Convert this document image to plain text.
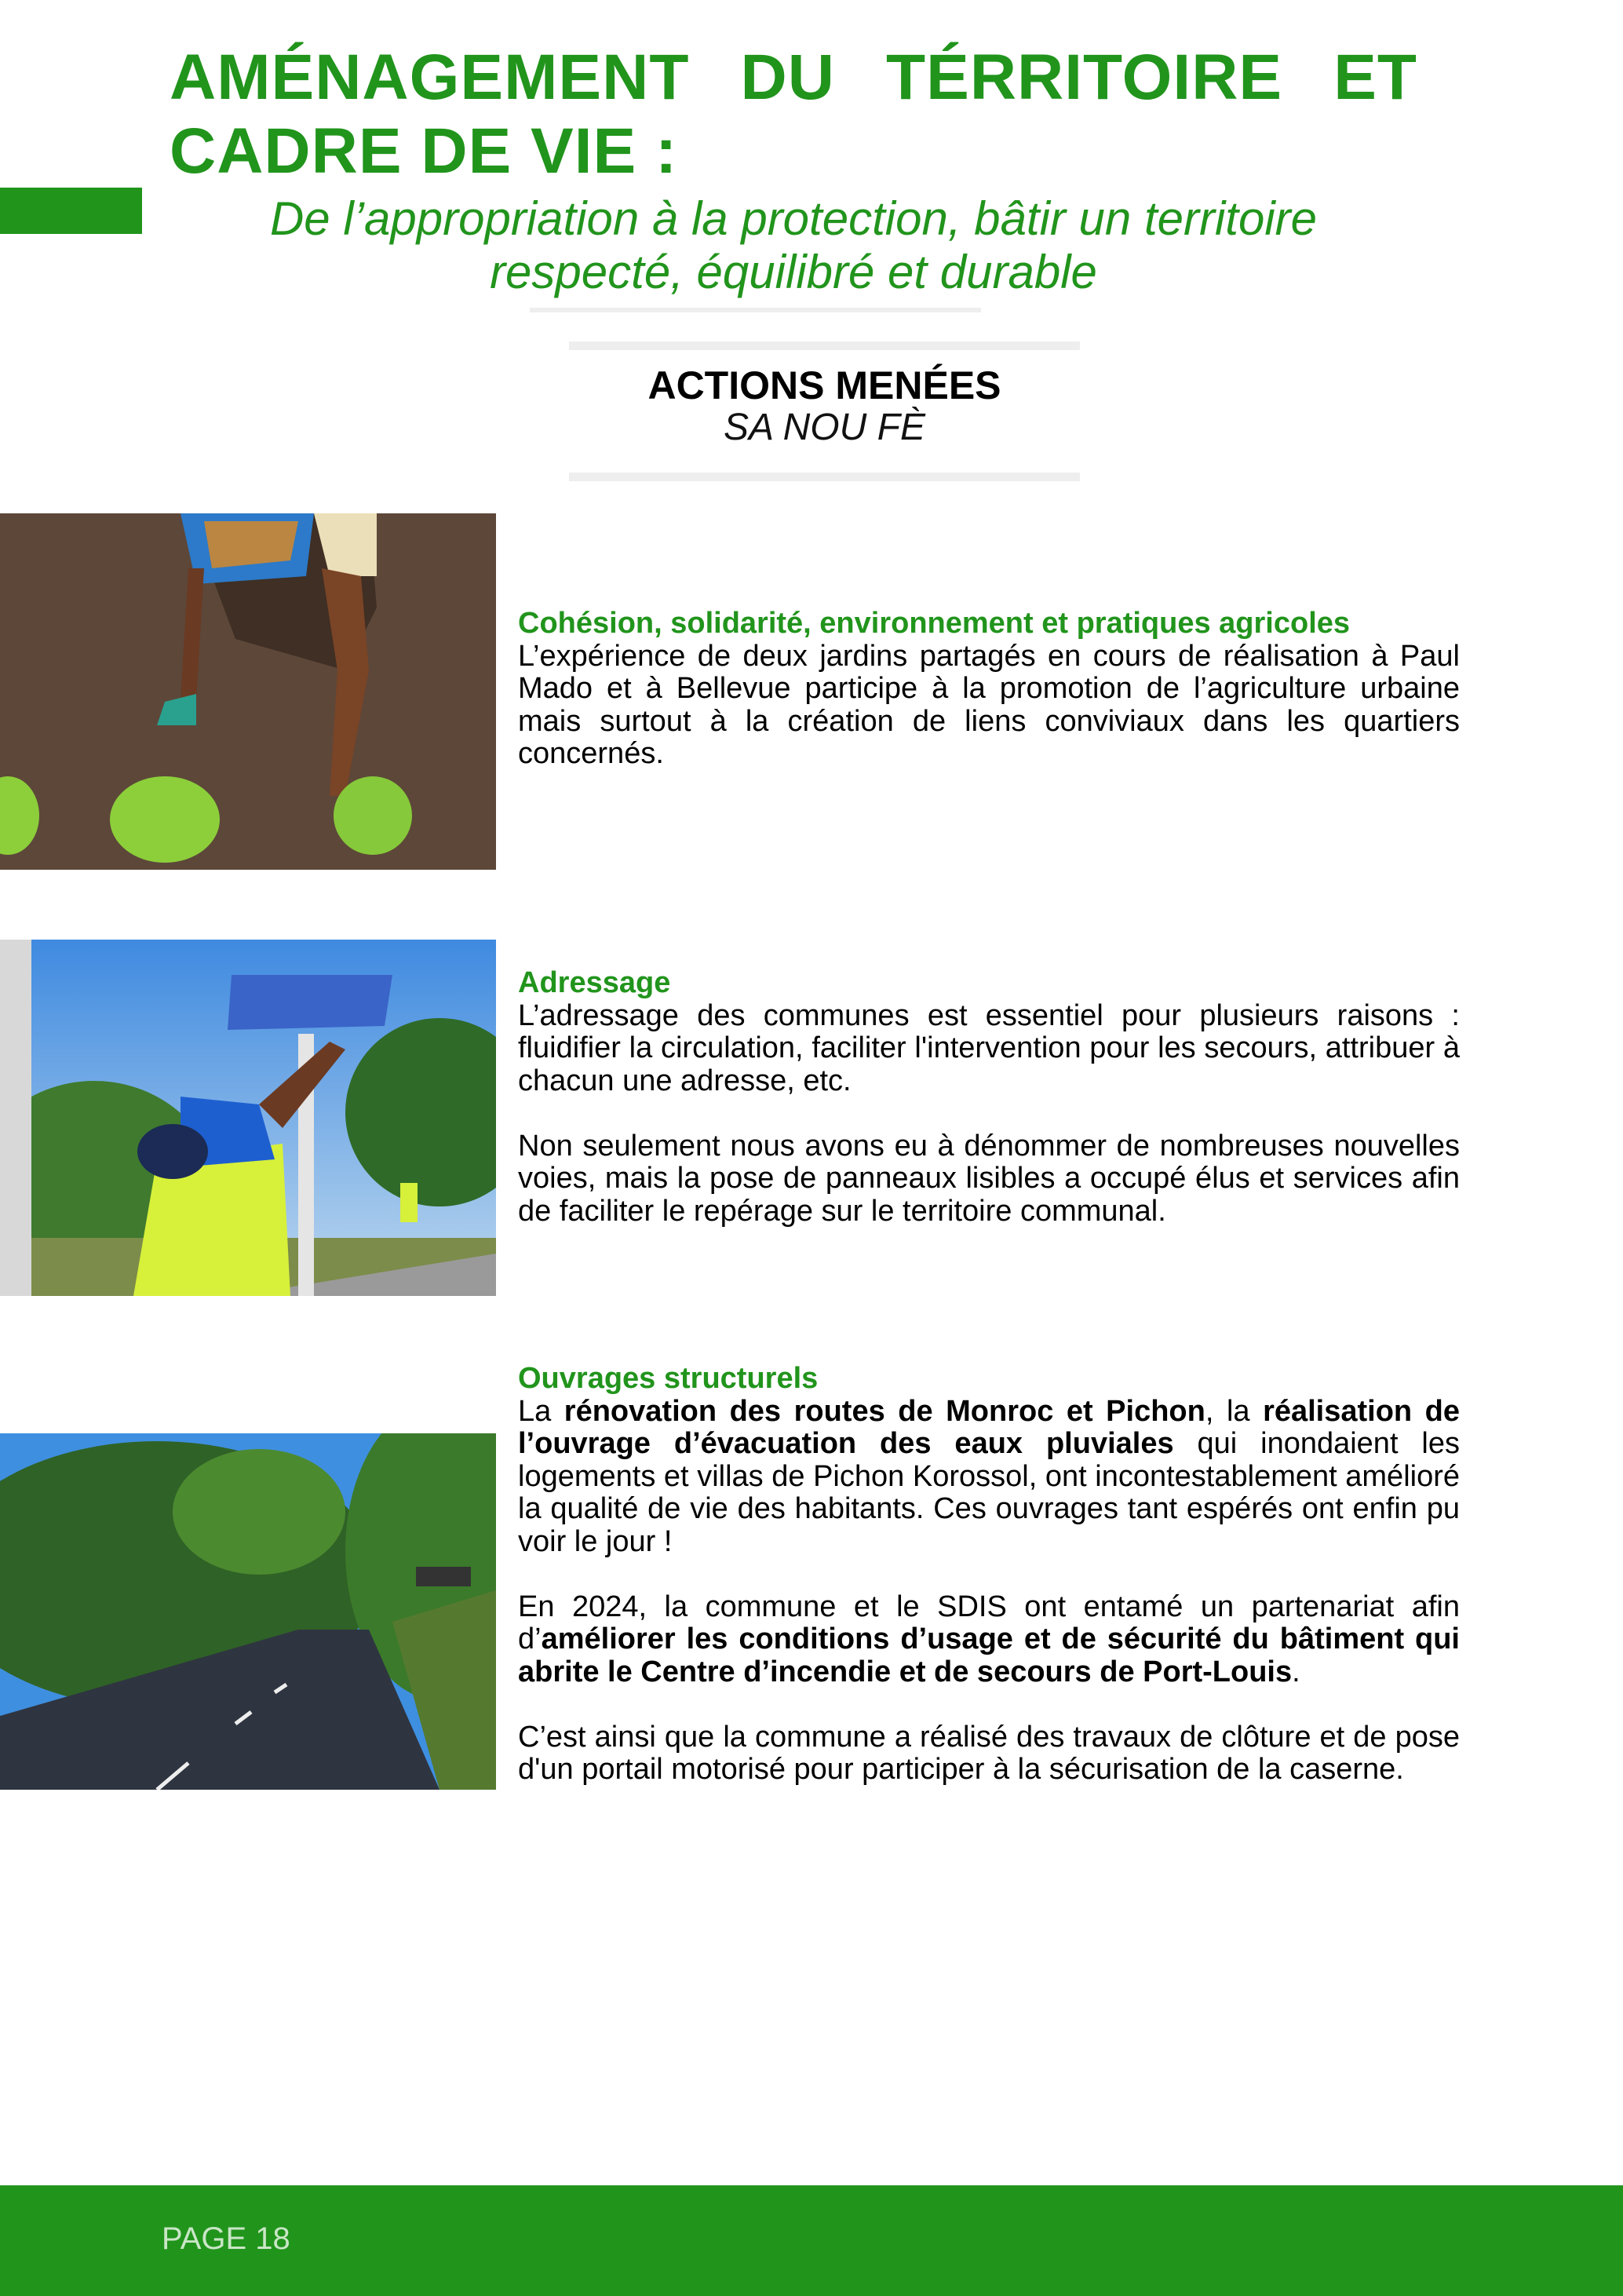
AMÉNAGEMENT DU TÉRRITOIRE ET
CADRE DE VIE :
De l’appropriation à la protection, bâtir un territoire
respecté, équilibré et durable
ACTIONS MENÉES
SA NOU FÈ
Cohésion, solidarité, environnement et pratiques agricoles

L’expérience de deux jardins partagés en cours de réalisation à Paul Mado et à Bellevue participe à la promotion de l’agriculture urbaine mais surtout à la création de liens conviviaux dans les quartiers concernés.

Adressage

L’adressage des communes est essentiel pour plusieurs raisons : fluidifier la circulation, faciliter l'intervention pour les secours, attribuer à chacun une adresse, etc.

Non seulement nous avons eu à dénommer de nombreuses nouvelles voies, mais la pose de panneaux lisibles a occupé élus et services afin de faciliter le repérage sur le territoire communal.

Ouvrages structurels

La rénovation des routes de Monroc et Pichon, la réalisation de l’ouvrage d’évacuation des eaux pluviales qui inondaient les logements et villas de Pichon Korossol, ont incontestablement amélioré la qualité de vie des habitants. Ces ouvrages tant espérés ont enfin pu voir le jour !

En 2024, la commune et le SDIS ont entamé un partenariat afin d’améliorer les conditions d’usage et de sécurité du bâtiment qui abrite le Centre d’incendie et de secours de Port-Louis.

C’est ainsi que la commune a réalisé des travaux de clôture et de pose d'un portail motorisé pour participer à la sécurisation de la caserne.

PAGE 18
